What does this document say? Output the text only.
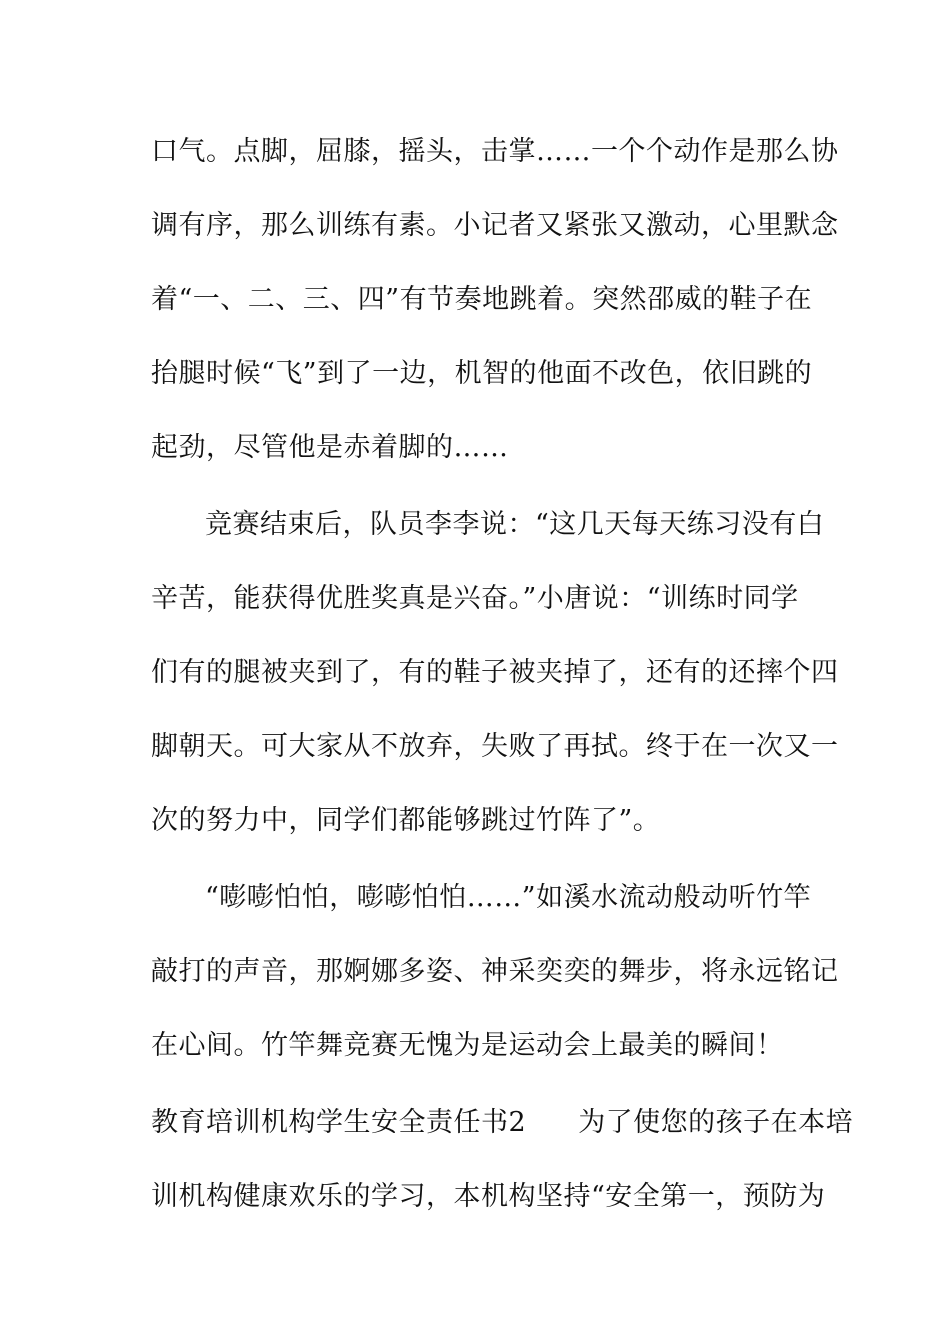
口气。点脚，屈膝，摇头，击掌……一个个动作是那么协
调有序，那么训练有素。小记者又紧张又激动，心里默念
着“一、二、三、四”有节奏地跳着。突然邵威的鞋子在
抬腿时候“飞”到了一边，机智的他面不改色，依旧跳的
起劲，尽管他是赤着脚的……
竞赛结束后，队员李李说：“这几天每天练习没有白
辛苦，能获得优胜奖真是兴奋。”小唐说：“训练时同学
们有的腿被夹到了，有的鞋子被夹掉了，还有的还摔个四
脚朝天。可大家从不放弃，失败了再拭。终于在一次又一
次的努力中，同学们都能够跳过竹阵了”。
“嘭嘭怕怕，嘭嘭怕怕……”如溪水流动般动听竹竿
敲打的声音，那婀娜多姿、神采奕奕的舞步，将永远铭记
在心间。竹竿舞竞赛无愧为是运动会上最美的瞬间！
教育培训机构学生安全责任书2 为了使您的孩子在本培
训机构健康欢乐的学习，本机构坚持“安全第一，预防为
